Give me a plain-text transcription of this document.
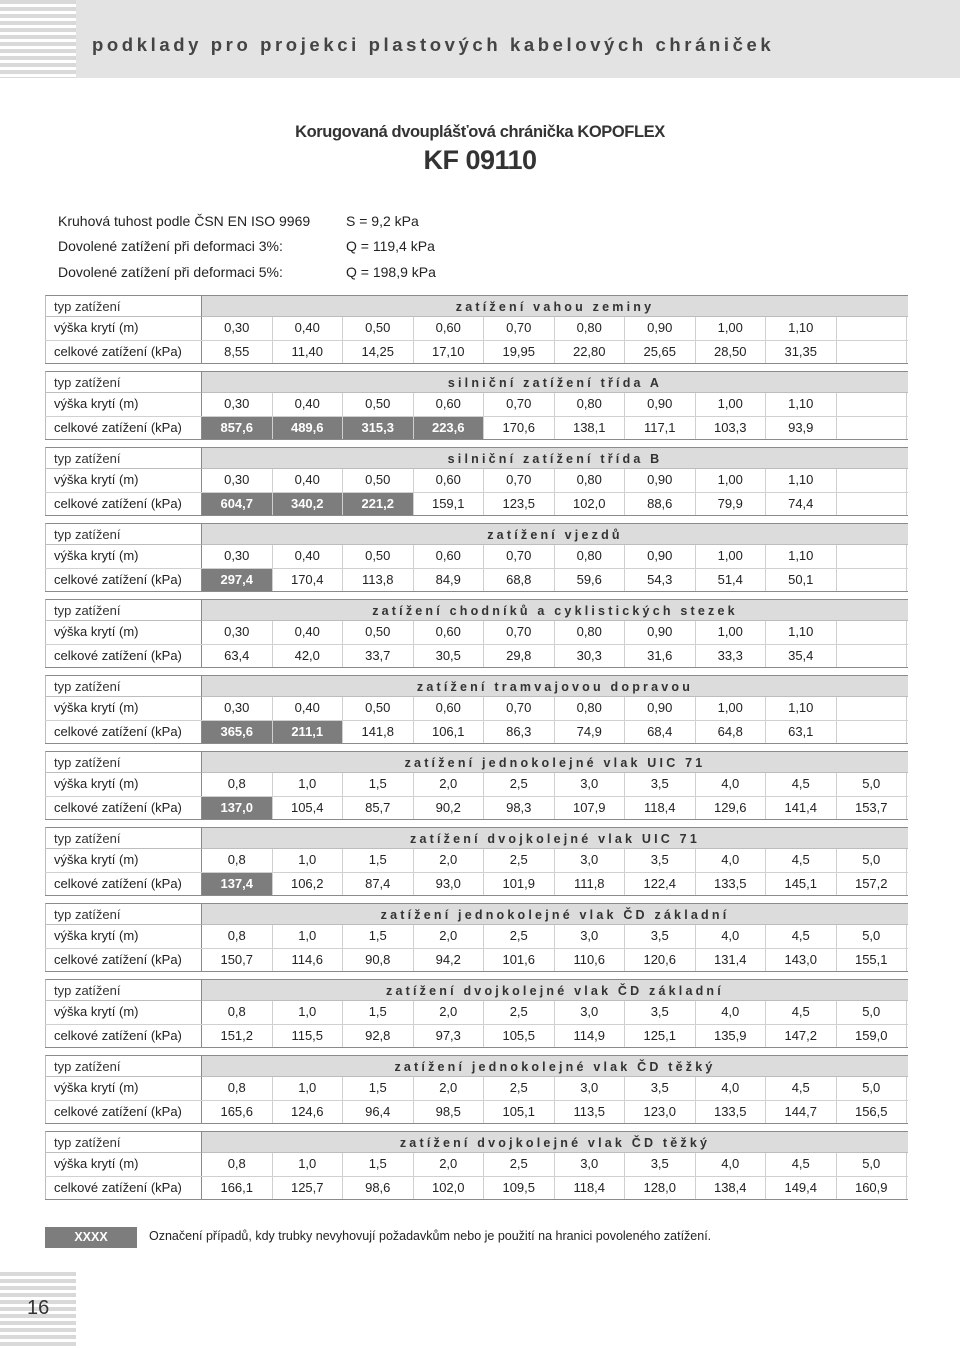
podklady pro projekci plastových kabelových chrániček
Korugovaná dvouplášťová chránička KOPOFLEX
KF 09110
Kruhová tuhost podle ČSN EN ISO 9969	S = 9,2 kPa
Dovolené zatížení při deformaci 3%:	Q = 119,4 kPa
Dovolené zatížení při deformaci 5%:	Q = 198,9 kPa
typ zatížení	zatížení vahou zeminy
výška krytí (m)	0,30	0,40	0,50	0,60	0,70	0,80	0,90	1,00	1,10
celkové zatížení (kPa)	8,55	11,40	14,25	17,10	19,95	22,80	25,65	28,50	31,35
typ zatížení	silniční zatížení třída A
výška krytí (m)	0,30	0,40	0,50	0,60	0,70	0,80	0,90	1,00	1,10
celkové zatížení (kPa)	857,6	489,6	315,3	223,6	170,6	138,1	117,1	103,3	93,9
typ zatížení	silniční zatížení třída B
výška krytí (m)	0,30	0,40	0,50	0,60	0,70	0,80	0,90	1,00	1,10
celkové zatížení (kPa)	604,7	340,2	221,2	159,1	123,5	102,0	88,6	79,9	74,4
typ zatížení	zatížení vjezdů
výška krytí (m)	0,30	0,40	0,50	0,60	0,70	0,80	0,90	1,00	1,10
celkové zatížení (kPa)	297,4	170,4	113,8	84,9	68,8	59,6	54,3	51,4	50,1
typ zatížení	zatížení chodníků a cyklistických stezek
výška krytí (m)	0,30	0,40	0,50	0,60	0,70	0,80	0,90	1,00	1,10
celkové zatížení (kPa)	63,4	42,0	33,7	30,5	29,8	30,3	31,6	33,3	35,4
typ zatížení	zatížení tramvajovou dopravou
výška krytí (m)	0,30	0,40	0,50	0,60	0,70	0,80	0,90	1,00	1,10
celkové zatížení (kPa)	365,6	211,1	141,8	106,1	86,3	74,9	68,4	64,8	63,1
typ zatížení	zatížení jednokolejné vlak UIC 71
výška krytí (m)	0,8	1,0	1,5	2,0	2,5	3,0	3,5	4,0	4,5	5,0
celkové zatížení (kPa)	137,0	105,4	85,7	90,2	98,3	107,9	118,4	129,6	141,4	153,7
typ zatížení	zatížení dvojkolejné vlak UIC 71
výška krytí (m)	0,8	1,0	1,5	2,0	2,5	3,0	3,5	4,0	4,5	5,0
celkové zatížení (kPa)	137,4	106,2	87,4	93,0	101,9	111,8	122,4	133,5	145,1	157,2
typ zatížení	zatížení jednokolejné vlak ČD základní
výška krytí (m)	0,8	1,0	1,5	2,0	2,5	3,0	3,5	4,0	4,5	5,0
celkové zatížení (kPa)	150,7	114,6	90,8	94,2	101,6	110,6	120,6	131,4	143,0	155,1
typ zatížení	zatížení dvojkolejné vlak ČD základní
výška krytí (m)	0,8	1,0	1,5	2,0	2,5	3,0	3,5	4,0	4,5	5,0
celkové zatížení (kPa)	151,2	115,5	92,8	97,3	105,5	114,9	125,1	135,9	147,2	159,0
typ zatížení	zatížení jednokolejné vlak ČD těžký
výška krytí (m)	0,8	1,0	1,5	2,0	2,5	3,0	3,5	4,0	4,5	5,0
celkové zatížení (kPa)	165,6	124,6	96,4	98,5	105,1	113,5	123,0	133,5	144,7	156,5
typ zatížení	zatížení dvojkolejné vlak ČD těžký
výška krytí (m)	0,8	1,0	1,5	2,0	2,5	3,0	3,5	4,0	4,5	5,0
celkové zatížení (kPa)	166,1	125,7	98,6	102,0	109,5	118,4	128,0	138,4	149,4	160,9
XXXX	Označení případů, kdy trubky nevyhovují požadavkům nebo je použití na hranici povoleného zatížení.
16
